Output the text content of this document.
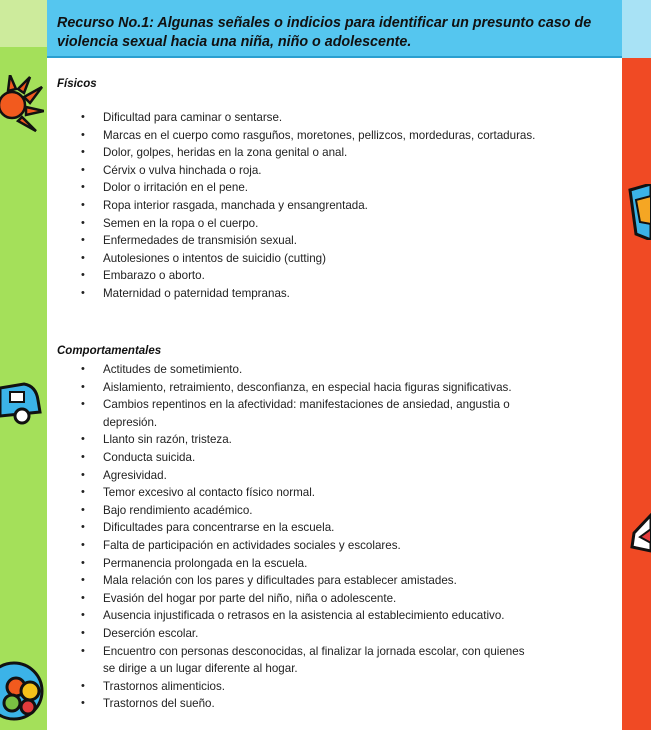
Recurso No.1: Algunas señales o indicios para identificar un presunto caso de
violencia sexual hacia una niña, niño o adolescente.
Físicos
• Dificultad para caminar o sentarse.
• Marcas en el cuerpo como rasguños, moretones, pellizcos, mordeduras, cortaduras.
• Dolor, golpes, heridas en la zona genital o anal.
• Cérvix o vulva hinchada o roja.
• Dolor o irritación en el pene.
• Ropa interior rasgada, manchada y ensangrentada.
• Semen en la ropa o el cuerpo.
• Enfermedades de transmisión sexual.
• Autolesiones o intentos de suicidio (cutting)
• Embarazo o aborto.
• Maternidad o paternidad tempranas.
Comportamentales
• Actitudes de sometimiento.
• Aislamiento, retraimiento, desconfianza, en especial hacia figuras significativas.
• Cambios repentinos en la afectividad: manifestaciones de ansiedad, angustia o
depresión.
• Llanto sin razón, tristeza.
• Conducta suicida.
• Agresividad.
• Temor excesivo al contacto físico normal.
• Bajo rendimiento académico.
• Dificultades para concentrarse en la escuela.
• Falta de participación en actividades sociales y escolares.
• Permanencia prolongada en la escuela.
• Mala relación con los pares y dificultades para establecer amistades.
• Evasión del hogar por parte del niño, niña o adolescente.
• Ausencia injustificada o retrasos en la asistencia al establecimiento educativo.
• Deserción escolar.
• Encuentro con personas desconocidas, al finalizar la jornada escolar, con quienes
se dirige a un lugar diferente al hogar.
• Trastornos alimenticios.
• Trastornos del sueño.
